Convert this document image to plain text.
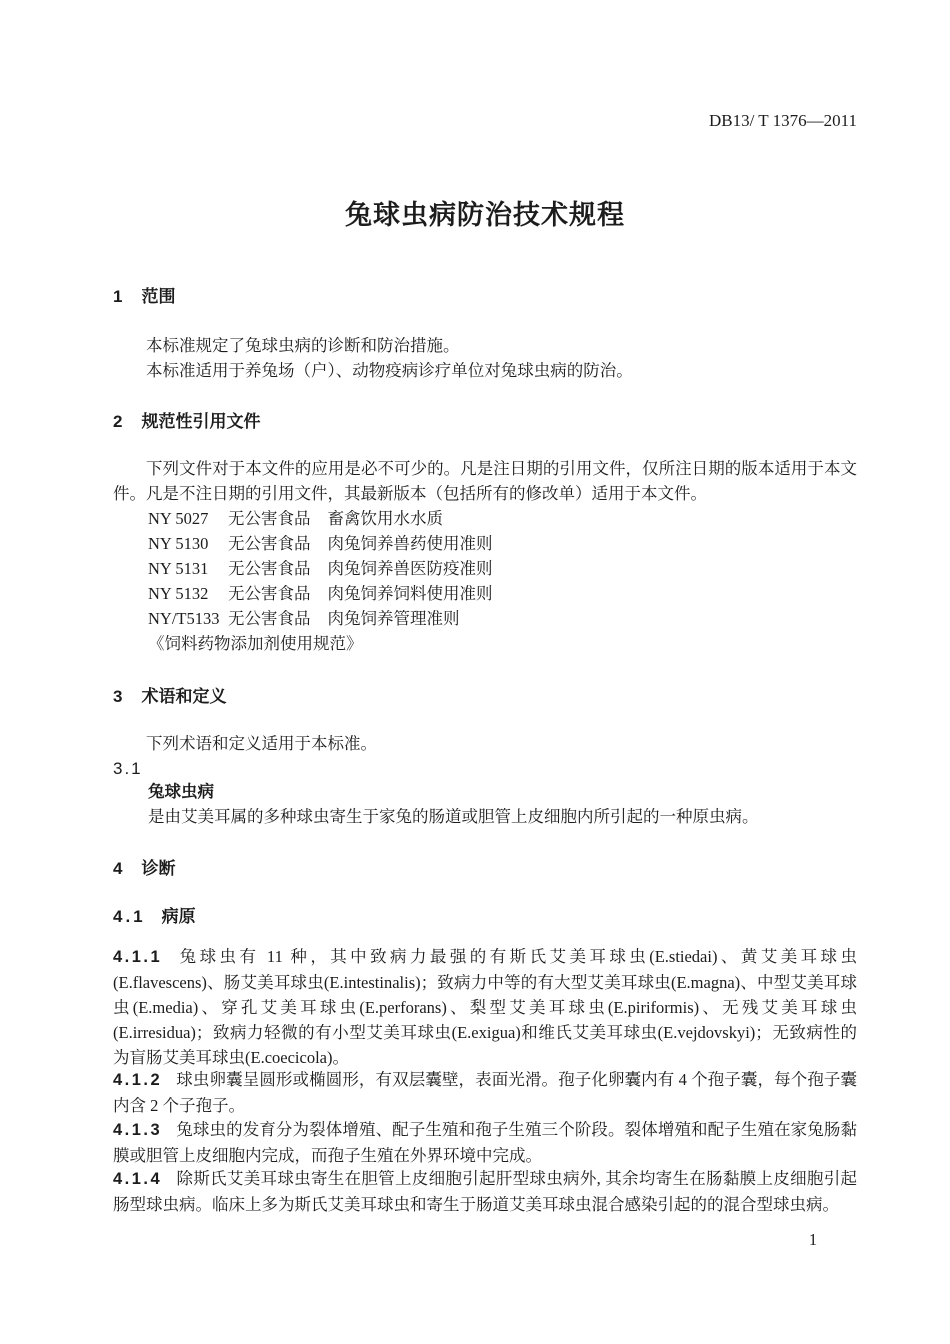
DB13/ T 1376—2011
兔球虫病防治技术规程
1 范围

本标准规定了兔球虫病的诊断和防治措施。

本标准适用于养兔场（户）、动物疫病诊疗单位对兔球虫病的防治。

2 规范性引用文件

下列文件对于本文件的应用是必不可少的。凡是注日期的引用文件，仅所注日期的版本适用于本文件。凡是不注日期的引用文件，其最新版本（包括所有的修改单）适用于本文件。

NY 5027 无公害食品 畜禽饮用水水质
NY 5130 无公害食品 肉兔饲养兽药使用准则
NY 5131 无公害食品 肉兔饲养兽医防疫准则
NY 5132 无公害食品 肉兔饲养饲料使用准则
NY/T5133 无公害食品 肉兔饲养管理准则
《饲料药物添加剂使用规范》
3 术语和定义

下列术语和定义适用于本标准。

3.1
兔球虫病

是由艾美耳属的多种球虫寄生于家兔的肠道或胆管上皮细胞内所引起的一种原虫病。

4 诊断
4.1 病原

4.1.1 兔球虫有 11 种，其中致病力最强的有斯氏艾美耳球虫(E.stiedai)、黄艾美耳球虫(E.flavescens)、肠艾美耳球虫(E.intestinalis)；致病力中等的有大型艾美耳球虫(E.magna)、中型艾美耳球虫(E.media)、穿孔艾美耳球虫(E.perforans)、梨型艾美耳球虫(E.piriformis)、无残艾美耳球虫(E.irresidua)；致病力轻微的有小型艾美耳球虫(E.exigua)和维氏艾美耳球虫(E.vejdovskyi)；无致病性的为盲肠艾美耳球虫(E.coecicola)。

4.1.2 球虫卵囊呈圆形或椭圆形，有双层囊壁，表面光滑。孢子化卵囊内有 4 个孢子囊，每个孢子囊内含 2 个子孢子。

4.1.3 兔球虫的发育分为裂体增殖、配子生殖和孢子生殖三个阶段。裂体增殖和配子生殖在家兔肠黏膜或胆管上皮细胞内完成，而孢子生殖在外界环境中完成。

4.1.4 除斯氏艾美耳球虫寄生在胆管上皮细胞引起肝型球虫病外, 其余均寄生在肠黏膜上皮细胞引起肠型球虫病。临床上多为斯氏艾美耳球虫和寄生于肠道艾美耳球虫混合感染引起的的混合型球虫病。

1
